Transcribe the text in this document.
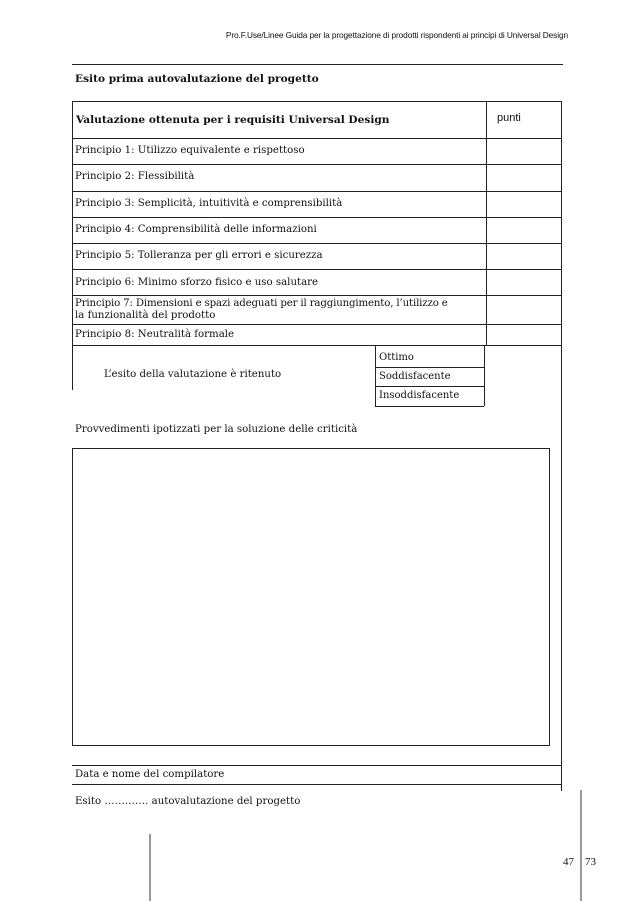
Pro.F.Use/Linee Guida per la progettazione di prodotti rispondenti ai principi di Universal Design
Esito prima autovalutazione del progetto
Valutazione ottenuta per i requisiti Universal Design	punti
Principio 1: Utilizzo equivalente e rispettoso
Principio 2: Flessibilità
Principio 3: Semplicità, intuitività e comprensibilità
Principio 4: Comprensibilità delle informazioni
Principio 5: Tolleranza per gli errori e sicurezza
Principio 6: Minimo sforzo fisico e uso salutare
Principio 7: Dimensioni e spazi adeguati per il raggiungimento, l’utilizzo e
la funzionalità del prodotto
Principio 8: Neutralità formale
L’esito della valutazione è ritenuto
Ottimo
Soddisfacente
Insoddisfacente
Provvedimenti ipotizzati per la soluzione delle criticità
Data e nome del compilatore
Esito …………. autovalutazione del progetto
47 73
